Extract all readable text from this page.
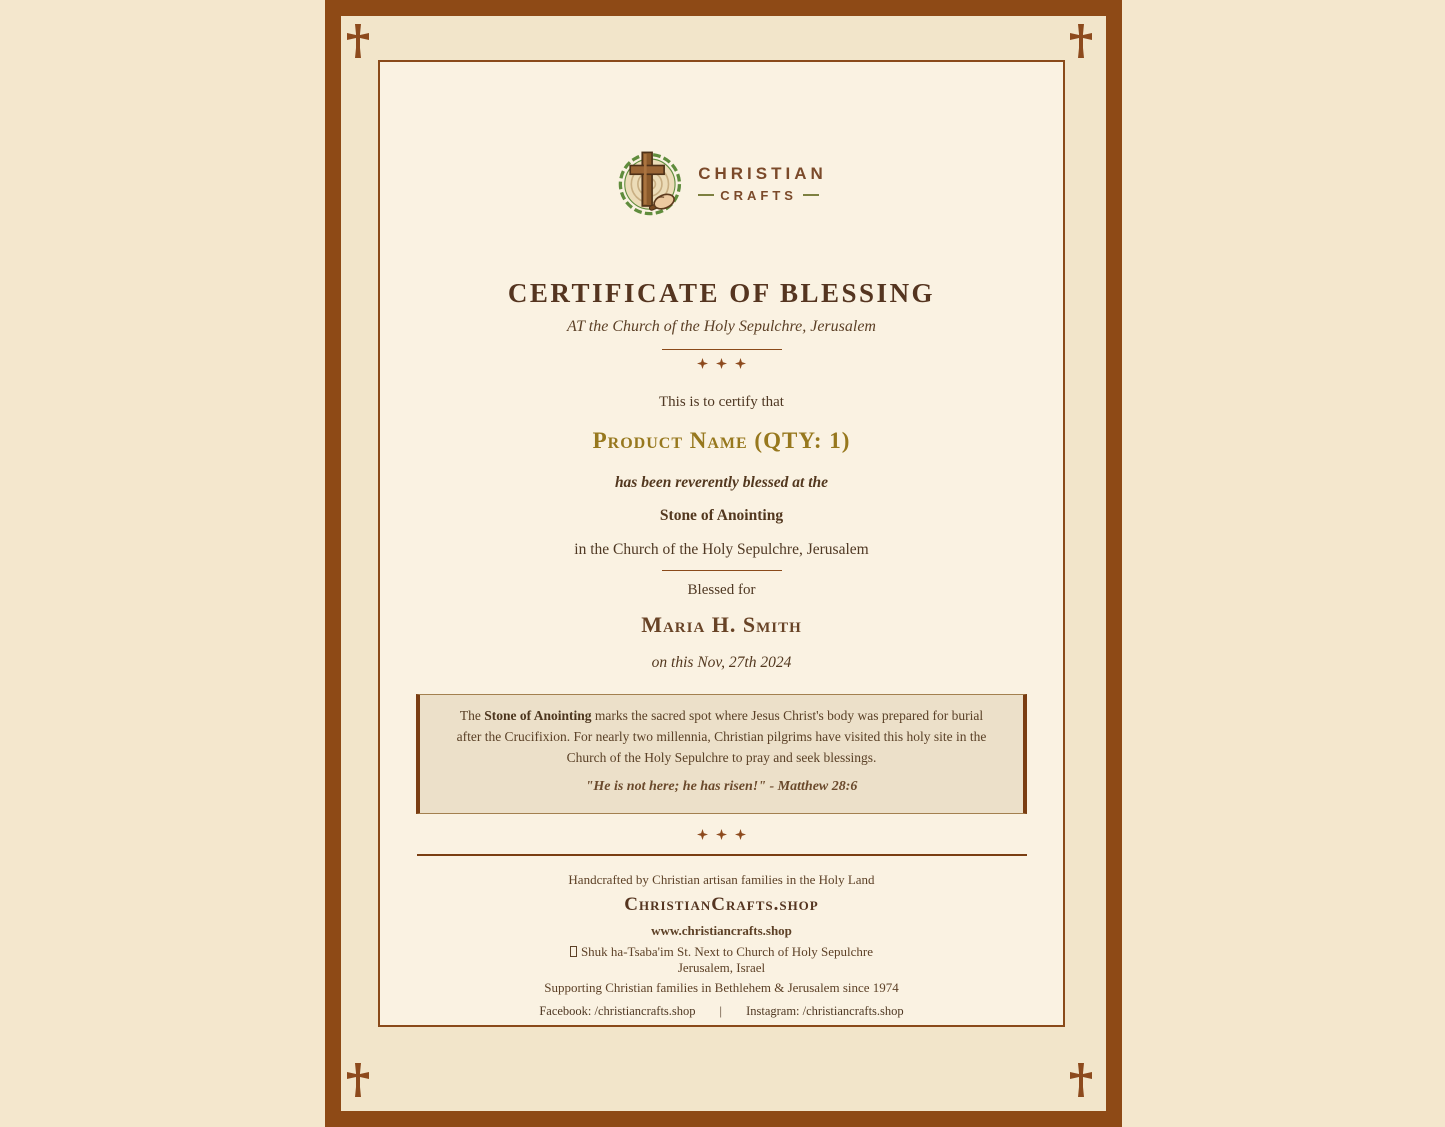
CHRISTIAN
CRAFTS
CERTIFICATE OF BLESSING
AT the Church of the Holy Sepulchre, Jerusalem
This is to certify that
Product Name (QTY: 1)
has been reverently blessed at the
Stone of Anointing
in the Church of the Holy Sepulchre, Jerusalem
Blessed for
Maria H. Smith
on this Nov, 27th 2024
The Stone of Anointing marks the sacred spot where Jesus Christ's body was prepared for burial after the Crucifixion. For nearly two millennia, Christian pilgrims have visited this holy site in the Church of the Holy Sepulchre to pray and seek blessings.
"He is not here; he has risen!" - Matthew 28:6
Handcrafted by Christian artisan families in the Holy Land
ChristianCrafts.shop
www.christiancrafts.shop
Shuk ha-Tsaba'im St. Next to Church of Holy Sepulchre
Jerusalem, Israel
Supporting Christian families in Bethlehem & Jerusalem since 1974
Facebook: /christiancrafts.shop | Instagram: /christiancrafts.shop
